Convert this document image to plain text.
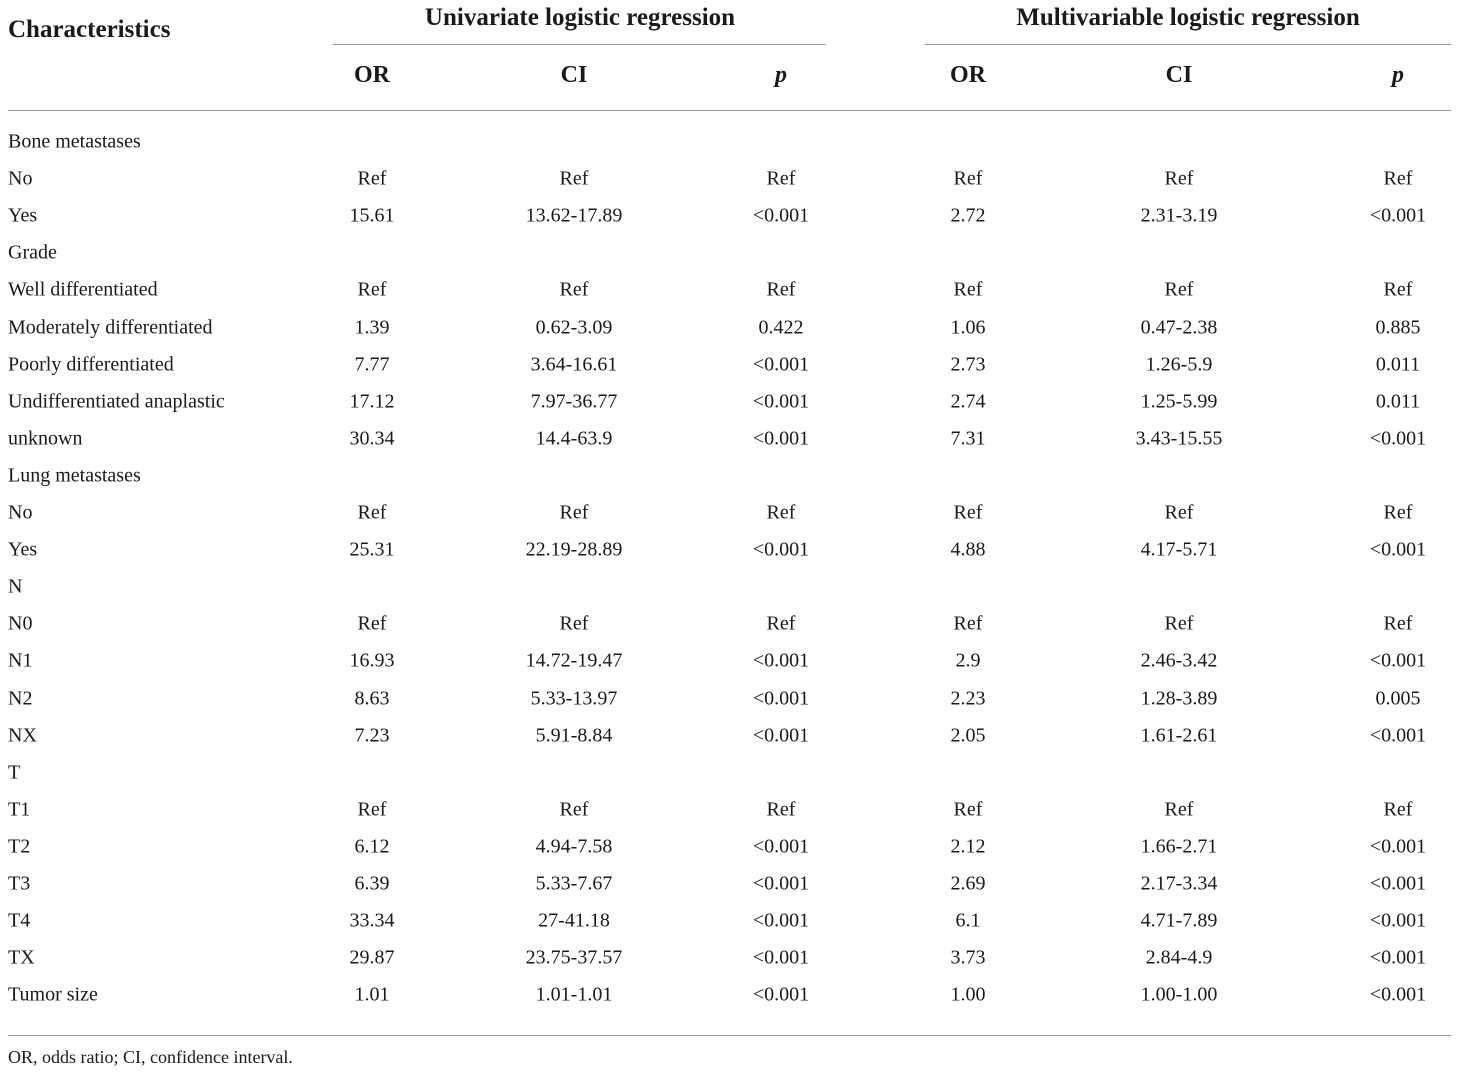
Characteristics	Univariate logistic regression	Multivariable logistic regression
OR	CI	p	OR	CI	p
Bone metastases
No	Ref	Ref	Ref	Ref	Ref	Ref
Yes	15.61	13.62-17.89	<0.001	2.72	2.31-3.19	<0.001
Grade
Well differentiated	Ref	Ref	Ref	Ref	Ref	Ref
Moderately differentiated	1.39	0.62-3.09	0.422	1.06	0.47-2.38	0.885
Poorly differentiated	7.77	3.64-16.61	<0.001	2.73	1.26-5.9	0.011
Undifferentiated anaplastic	17.12	7.97-36.77	<0.001	2.74	1.25-5.99	0.011
unknown	30.34	14.4-63.9	<0.001	7.31	3.43-15.55	<0.001
Lung metastases
No	Ref	Ref	Ref	Ref	Ref	Ref
Yes	25.31	22.19-28.89	<0.001	4.88	4.17-5.71	<0.001
N
N0	Ref	Ref	Ref	Ref	Ref	Ref
N1	16.93	14.72-19.47	<0.001	2.9	2.46-3.42	<0.001
N2	8.63	5.33-13.97	<0.001	2.23	1.28-3.89	0.005
NX	7.23	5.91-8.84	<0.001	2.05	1.61-2.61	<0.001
T
T1	Ref	Ref	Ref	Ref	Ref	Ref
T2	6.12	4.94-7.58	<0.001	2.12	1.66-2.71	<0.001
T3	6.39	5.33-7.67	<0.001	2.69	2.17-3.34	<0.001
T4	33.34	27-41.18	<0.001	6.1	4.71-7.89	<0.001
TX	29.87	23.75-37.57	<0.001	3.73	2.84-4.9	<0.001
Tumor size	1.01	1.01-1.01	<0.001	1.00	1.00-1.00	<0.001
OR, odds ratio; CI, confidence interval.
